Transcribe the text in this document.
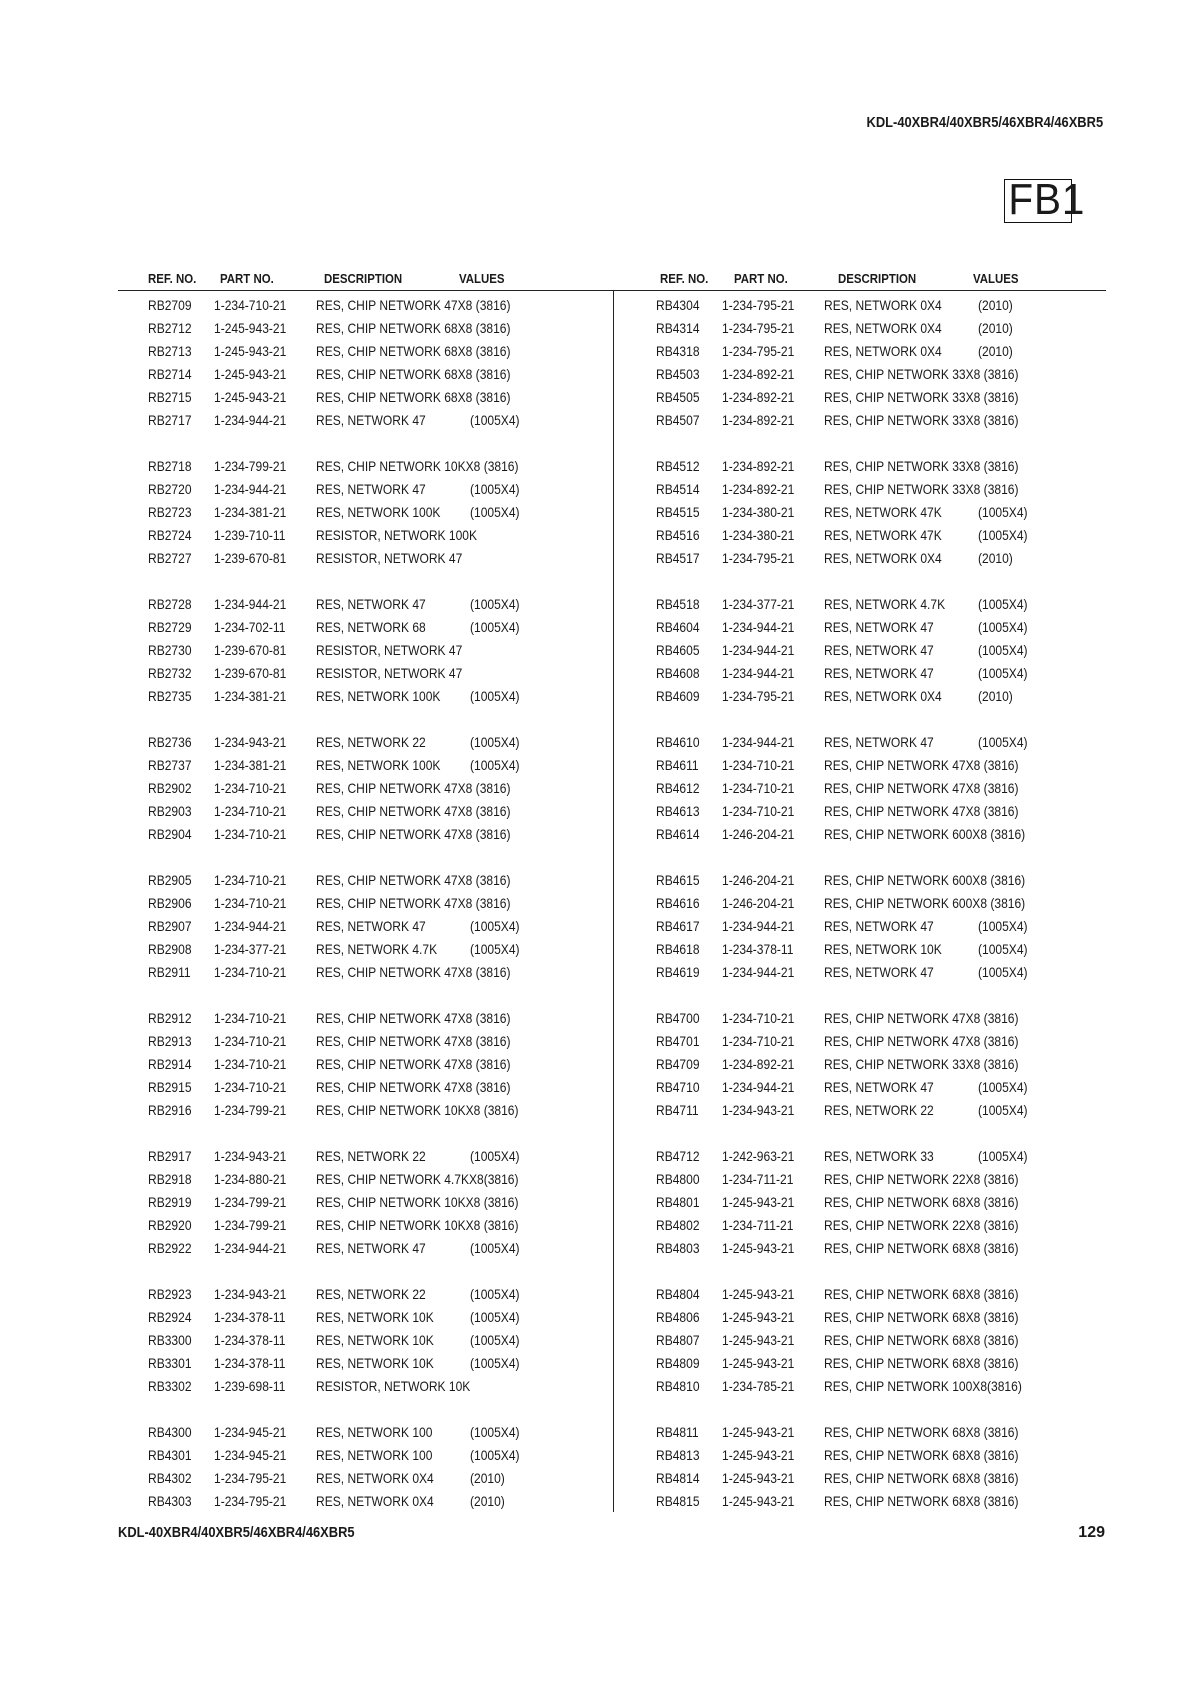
KDL-40XBR4/40XBR5/46XBR4/46XBR5
FB1
REF. NO. PART NO.	DESCRIPTION	VALUES	REF. NO. PART NO.	DESCRIPTION	VALUES
RB2709 1-234-710-21 RES, CHIP NETWORK 47X8 (3816)
RB2712 1-245-943-21 RES, CHIP NETWORK 68X8 (3816)
RB2713 1-245-943-21 RES, CHIP NETWORK 68X8 (3816)
RB2714 1-245-943-21 RES, CHIP NETWORK 68X8 (3816)
RB2715 1-245-943-21 RES, CHIP NETWORK 68X8 (3816)
RB2717 1-234-944-21 RES, NETWORK 47	(1005X4)
RB2718 1-234-799-21 RES, CHIP NETWORK 10KX8 (3816)
RB2720 1-234-944-21 RES, NETWORK 47	(1005X4)
RB2723 1-234-381-21 RES, NETWORK 100K (1005X4)
RB2724 1-239-710-11 RESISTOR, NETWORK 100K
RB2727 1-239-670-81 RESISTOR, NETWORK 47
RB2728 1-234-944-21 RES, NETWORK 47	(1005X4)
RB2729 1-234-702-11 RES, NETWORK 68	(1005X4)
RB2730 1-239-670-81 RESISTOR, NETWORK 47
RB2732 1-239-670-81 RESISTOR, NETWORK 47
RB2735 1-234-381-21 RES, NETWORK 100K (1005X4)
RB2736 1-234-943-21 RES, NETWORK 22	(1005X4)
RB2737 1-234-381-21 RES, NETWORK 100K (1005X4)
RB2902 1-234-710-21 RES, CHIP NETWORK 47X8 (3816)
RB2903 1-234-710-21 RES, CHIP NETWORK 47X8 (3816)
RB2904 1-234-710-21 RES, CHIP NETWORK 47X8 (3816)
RB2905 1-234-710-21 RES, CHIP NETWORK 47X8 (3816)
RB2906 1-234-710-21 RES, CHIP NETWORK 47X8 (3816)
RB2907 1-234-944-21 RES, NETWORK 47	(1005X4)
RB2908 1-234-377-21 RES, NETWORK 4.7K (1005X4)
RB2911 1-234-710-21 RES, CHIP NETWORK 47X8 (3816)
RB2912 1-234-710-21 RES, CHIP NETWORK 47X8 (3816)
RB2913 1-234-710-21 RES, CHIP NETWORK 47X8 (3816)
RB2914 1-234-710-21 RES, CHIP NETWORK 47X8 (3816)
RB2915 1-234-710-21 RES, CHIP NETWORK 47X8 (3816)
RB2916 1-234-799-21 RES, CHIP NETWORK 10KX8 (3816)
RB2917 1-234-943-21 RES, NETWORK 22	(1005X4)
RB2918 1-234-880-21 RES, CHIP NETWORK 4.7KX8(3816)
RB2919 1-234-799-21 RES, CHIP NETWORK 10KX8 (3816)
RB2920 1-234-799-21 RES, CHIP NETWORK 10KX8 (3816)
RB2922 1-234-944-21 RES, NETWORK 47	(1005X4)
RB2923 1-234-943-21 RES, NETWORK 22	(1005X4)
RB2924 1-234-378-11 RES, NETWORK 10K	(1005X4)
RB3300 1-234-378-11 RES, NETWORK 10K	(1005X4)
RB3301 1-234-378-11 RES, NETWORK 10K	(1005X4)
RB3302 1-239-698-11 RESISTOR, NETWORK 10K
RB4300 1-234-945-21 RES, NETWORK 100	(1005X4)
RB4301 1-234-945-21 RES, NETWORK 100	(1005X4)
RB4302 1-234-795-21 RES, NETWORK 0X4	(2010)
RB4303 1-234-795-21 RES, NETWORK 0X4	(2010)
RB4304 1-234-795-21 RES, NETWORK 0X4	(2010)
RB4314 1-234-795-21 RES, NETWORK 0X4	(2010)
RB4318 1-234-795-21 RES, NETWORK 0X4	(2010)
RB4503 1-234-892-21 RES, CHIP NETWORK 33X8 (3816)
RB4505 1-234-892-21 RES, CHIP NETWORK 33X8 (3816)
RB4507 1-234-892-21 RES, CHIP NETWORK 33X8 (3816)
RB4512 1-234-892-21 RES, CHIP NETWORK 33X8 (3816)
RB4514 1-234-892-21 RES, CHIP NETWORK 33X8 (3816)
RB4515 1-234-380-21 RES, NETWORK 47K	(1005X4)
RB4516 1-234-380-21 RES, NETWORK 47K	(1005X4)
RB4517 1-234-795-21 RES, NETWORK 0X4	(2010)
RB4518 1-234-377-21 RES, NETWORK 4.7K (1005X4)
RB4604 1-234-944-21 RES, NETWORK 47	(1005X4)
RB4605 1-234-944-21 RES, NETWORK 47	(1005X4)
RB4608 1-234-944-21 RES, NETWORK 47	(1005X4)
RB4609 1-234-795-21 RES, NETWORK 0X4	(2010)
RB4610 1-234-944-21 RES, NETWORK 47	(1005X4)
RB4611 1-234-710-21 RES, CHIP NETWORK 47X8 (3816)
RB4612 1-234-710-21 RES, CHIP NETWORK 47X8 (3816)
RB4613 1-234-710-21 RES, CHIP NETWORK 47X8 (3816)
RB4614 1-246-204-21 RES, CHIP NETWORK 600X8 (3816)
RB4615 1-246-204-21 RES, CHIP NETWORK 600X8 (3816)
RB4616 1-246-204-21 RES, CHIP NETWORK 600X8 (3816)
RB4617 1-234-944-21 RES, NETWORK 47	(1005X4)
RB4618 1-234-378-11 RES, NETWORK 10K	(1005X4)
RB4619 1-234-944-21 RES, NETWORK 47	(1005X4)
RB4700 1-234-710-21 RES, CHIP NETWORK 47X8 (3816)
RB4701 1-234-710-21 RES, CHIP NETWORK 47X8 (3816)
RB4709 1-234-892-21 RES, CHIP NETWORK 33X8 (3816)
RB4710 1-234-944-21 RES, NETWORK 47	(1005X4)
RB4711 1-234-943-21 RES, NETWORK 22	(1005X4)
RB4712 1-242-963-21 RES, NETWORK 33	(1005X4)
RB4800 1-234-711-21 RES, CHIP NETWORK 22X8 (3816)
RB4801 1-245-943-21 RES, CHIP NETWORK 68X8 (3816)
RB4802 1-234-711-21 RES, CHIP NETWORK 22X8 (3816)
RB4803 1-245-943-21 RES, CHIP NETWORK 68X8 (3816)
RB4804 1-245-943-21 RES, CHIP NETWORK 68X8 (3816)
RB4806 1-245-943-21 RES, CHIP NETWORK 68X8 (3816)
RB4807 1-245-943-21 RES, CHIP NETWORK 68X8 (3816)
RB4809 1-245-943-21 RES, CHIP NETWORK 68X8 (3816)
RB4810 1-234-785-21 RES, CHIP NETWORK 100X8(3816)
RB4811 1-245-943-21 RES, CHIP NETWORK 68X8 (3816)
RB4813 1-245-943-21 RES, CHIP NETWORK 68X8 (3816)
RB4814 1-245-943-21 RES, CHIP NETWORK 68X8 (3816)
RB4815 1-245-943-21 RES, CHIP NETWORK 68X8 (3816)
KDL-40XBR4/40XBR5/46XBR4/46XBR5	129
